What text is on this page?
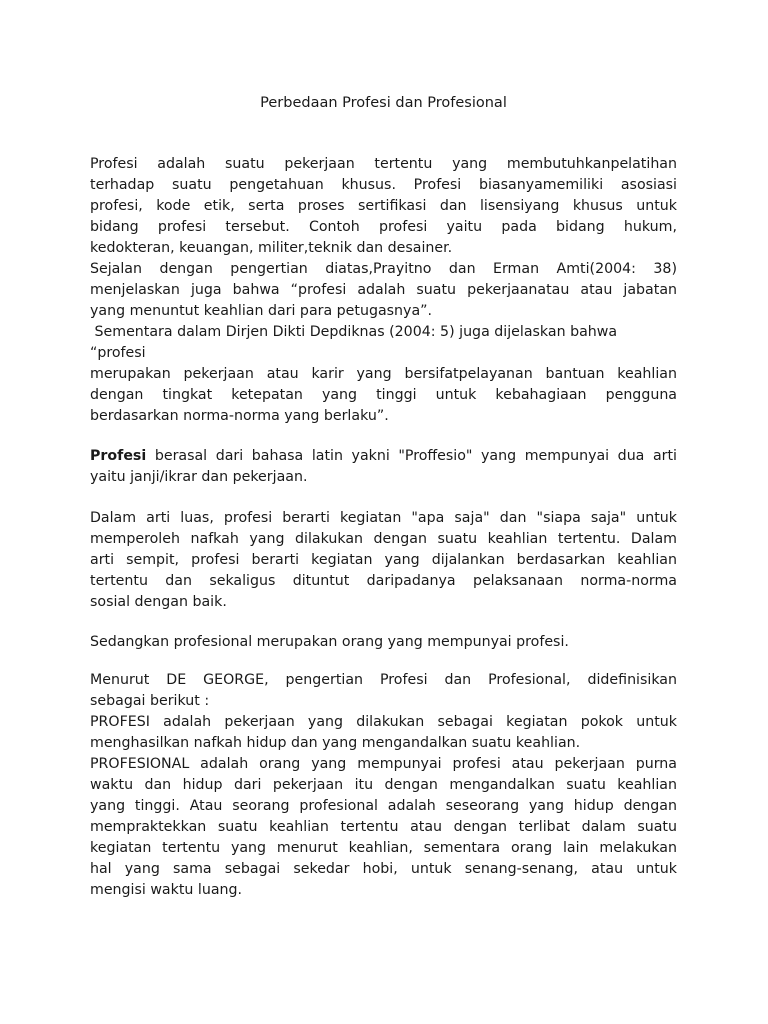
Perbedaan Profesi dan Profesional

Profesi adalah suatu pekerjaan tertentu yang membutuhkanpelatihan
terhadap suatu pengetahuan khusus. Profesi biasanyamemiliki asosiasi
profesi, kode etik, serta proses sertifikasi dan lisensiyang khusus untuk
bidang profesi tersebut. Contoh profesi yaitu pada bidang hukum,
kedokteran, keuangan, militer,teknik dan desainer.
Sejalan dengan pengertian diatas,Prayitno dan Erman Amti(2004: 38)
menjelaskan juga bahwa “profesi adalah suatu pekerjaanatau atau jabatan
yang menuntut keahlian dari para petugasnya”.
Sementara dalam Dirjen Dikti Depdiknas (2004: 5) juga dijelaskan bahwa
“profesi
merupakan pekerjaan atau karir yang bersifatpelayanan bantuan keahlian
dengan tingkat ketepatan yang tinggi untuk kebahagiaan pengguna
berdasarkan norma-norma yang berlaku”.

Profesi berasal dari bahasa latin yakni "Proffesio" yang mempunyai dua arti
yaitu janji/ikrar dan pekerjaan.

Dalam arti luas, profesi berarti kegiatan "apa saja" dan "siapa saja" untuk
memperoleh nafkah yang dilakukan dengan suatu keahlian tertentu. Dalam
arti sempit, profesi berarti kegiatan yang dijalankan berdasarkan keahlian
tertentu dan sekaligus dituntut daripadanya pelaksanaan norma-norma
sosial dengan baik.

Sedangkan profesional merupakan orang yang mempunyai profesi.

Menurut DE GEORGE, pengertian Profesi dan Profesional, didefinisikan
sebagai berikut :
PROFESI adalah pekerjaan yang dilakukan sebagai kegiatan pokok untuk
menghasilkan nafkah hidup dan yang mengandalkan suatu keahlian.
PROFESIONAL adalah orang yang mempunyai profesi atau pekerjaan purna
waktu dan hidup dari pekerjaan itu dengan mengandalkan suatu keahlian
yang tinggi. Atau seorang profesional adalah seseorang yang hidup dengan
mempraktekkan suatu keahlian tertentu atau dengan terlibat dalam suatu
kegiatan tertentu yang menurut keahlian, sementara orang lain melakukan
hal yang sama sebagai sekedar hobi, untuk senang-senang, atau untuk
mengisi waktu luang.
